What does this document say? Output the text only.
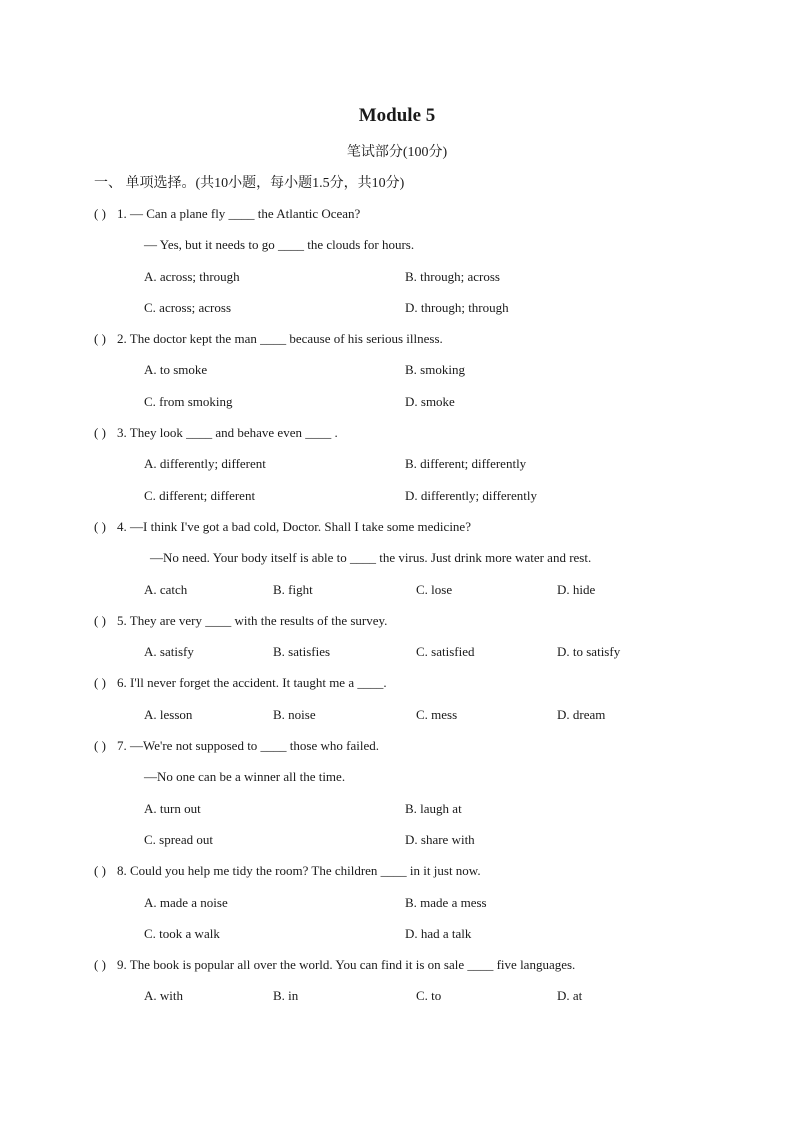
Module 5
笔试部分(100分)
一、 单项选择。(共10小题，每小题1.5分，共10分)
( ) 1. — Can a plane fly ____ the Atlantic Ocean?
— Yes, but it needs to go ____ the clouds for hours.
A. across; through	B. through; across
C. across; across	D. through; through
( ) 2. The doctor kept the man ____ because of his serious illness.
A. to smoke	B. smoking
C. from smoking	D. smoke
( ) 3. They look ____ and behave even ____ .
A. differently; different	B. different; differently
C. different; different	D. differently; differently
( ) 4. —I think I've got a bad cold, Doctor. Shall I take some medicine?
—No need. Your body itself is able to ____ the virus. Just drink more water and rest.
A. catch	B. fight	C. lose	D. hide
( ) 5. They are very ____ with the results of the survey.
A. satisfy	B. satisfies	C. satisfied	D. to satisfy
( ) 6. I'll never forget the accident. It taught me a ____.
A. lesson	B. noise	C. mess	D. dream
( ) 7. —We're not supposed to ____ those who failed.
—No one can be a winner all the time.
A. turn out	B. laugh at
C. spread out	D. share with
( ) 8. Could you help me tidy the room? The children ____ in it just now.
A. made a noise	B. made a mess
C. took a walk	D. had a talk
( ) 9. The book is popular all over the world. You can find it is on sale ____ five languages.
A. with	B. in	C. to	D. at
